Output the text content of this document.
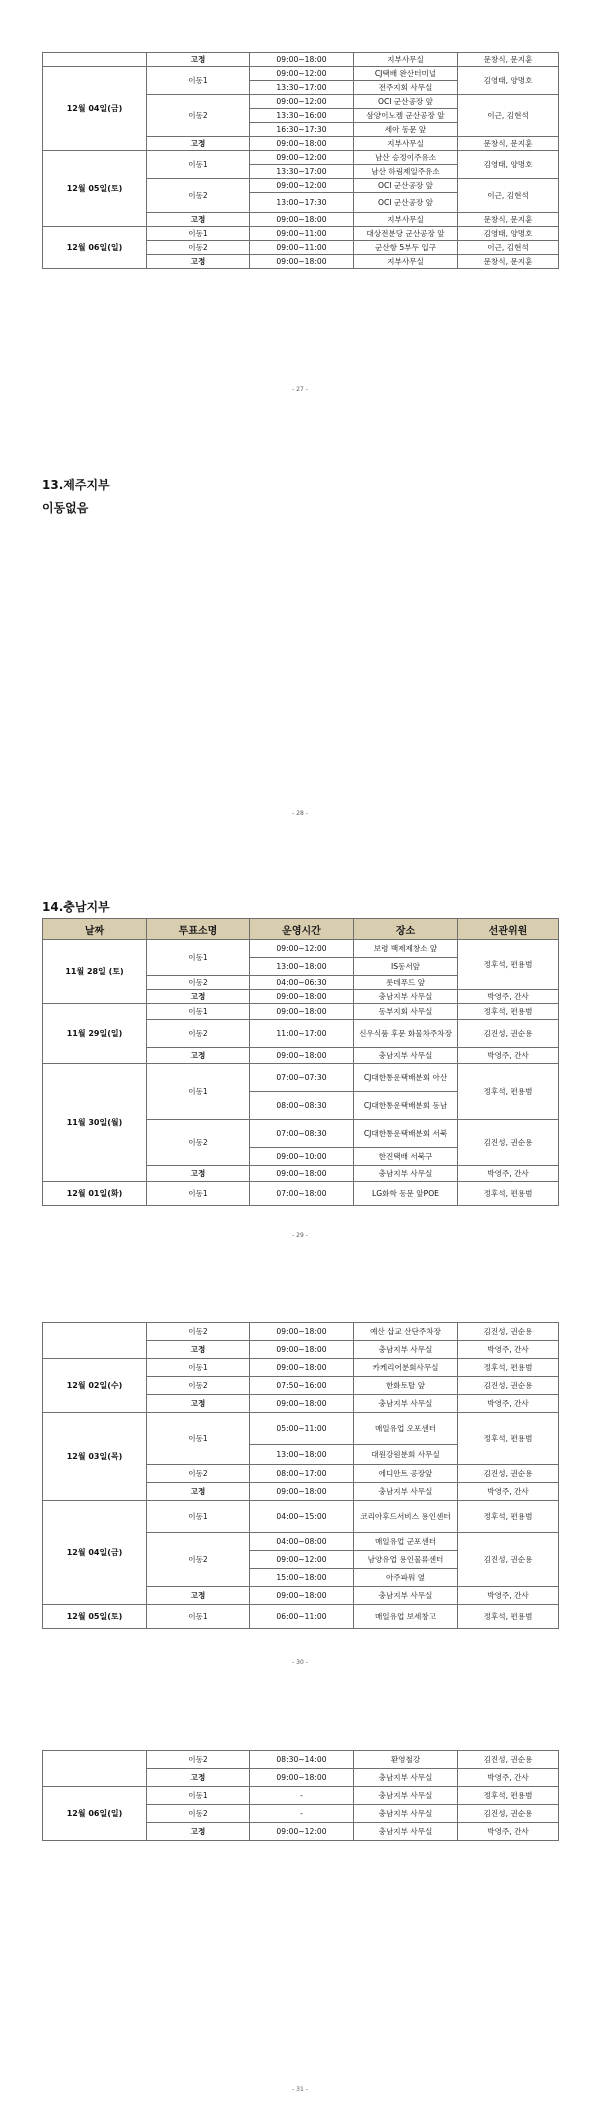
	고정	09:00~18:00	지부사무실	문창식, 문지훈
12월 04일(금)	이동1	09:00~12:00	CJ택배 완산터미널	김영태, 양명호
		13:30~17:00	전주지회 사무실	
	이동2	09:00~12:00	OCI 군산공장 앞	이근, 김현석
		13:30~16:00	삼양이노켐 군산공장 앞	
		16:30~17:30	세아 동문 앞	
	고정	09:00~18:00	지부사무실	문창식, 문지훈
12월 05일(토)	이동1	09:00~12:00	남산 승정이주유소	김영태, 양명호
		13:30~17:00	남산 하림제일주유소	
	이동2	09:00~12:00	OCI 군산공장 앞	이근, 김현석
		13:00~17:30	OCI 군산공장 앞	
	고정	09:00~18:00	지부사무실	문창식, 문지훈
12월 06일(일)	이동1	09:00~11:00	대상전분당 군산공장 앞	김영태, 양명호
	이동2	09:00~11:00	군산항 5부두 입구	이근, 김현석
	고정	09:00~18:00	지부사무실	문창식, 문지훈
- 27 -
13.제주지부
이동없음
- 28 -
14.충남지부
날짜	투표소명	운영시간	장소	선관위원
11월 28일 (토)	이동1	09:00~12:00	보령 백제제창소 앞	정후석, 편용범
		13:00~18:00	IS동서앞	
	이동2	04:00~06:30	롯데푸드 앞	
	고정	09:00~18:00	충남지부 사무실	박영주, 간사
11월 29일(일)	이동1	09:00~18:00	동부지회 사무실	정후석, 편용범
	이동2	11:00~17:00	신우식품 후문 화물차주차장	김진성, 권순용
	고정	09:00~18:00	충남지부 사무실	박영주, 간사
11월 30일(월)	이동1	07:00~07:30	CJ대한통운택배분회 아산	정후석, 편용범
		08:00~08:30	CJ대한통운택배분회 동남	
	이동2	07:00~08:30	CJ대한통운택배분회 서북	김진성, 권순용
		09:00~10:00	한진택배 서북구	
	고정	09:00~18:00	충남지부 사무실	박영주, 간사
12월 01일(화)	이동1	07:00~18:00	LG화학 동문 앞POE	정후석, 편용범
- 29 -
	이동2	09:00~18:00	예산 삽교 산단주차장	김진성, 권순용
	고정	09:00~18:00	충남지부 사무실	박영주, 간사
12월 02일(수)	이동1	09:00~18:00	카케리어분회사무실	정후석, 편용범
	이동2	07:50~16:00	한화토탈 앞	김진성, 권순용
	고정	09:00~18:00	충남지부 사무실	박영주, 간사
12월 03일(목)	이동1	05:00~11:00	매일유업 오포센터	정후석, 편용범
		13:00~18:00	대원강원분회 사무실	
	이동2	08:00~17:00	에디안트 공장앞	김진성, 권순용
	고정	09:00~18:00	충남지부 사무실	박영주, 간사
12월 04일(금)	이동1	04:00~15:00	코리아후드서비스 용인센터	정후석, 편용범
	이동2	04:00~08:00	매일유업 군포센터	김진성, 권순용
		09:00~12:00	남양유업 용인물류센터	
		15:00~18:00	아주파워 옆	
	고정	09:00~18:00	충남지부 사무실	박영주, 간사
12월 05일(토)	이동1	06:00~11:00	매일유업 보세창고	정후석, 편용범
- 30 -
	이동2	08:30~14:00	환영철강	김진성, 권순용
	고정	09:00~18:00	충남지부 사무실	박영주, 간사
12월 06일(일)	이동1	-	충남지부 사무실	정후석, 편용범
	이동2	-	충남지부 사무실	김진성, 권순용
	고정	09:00~12:00	충남지부 사무실	박영주, 간사
- 31 -
